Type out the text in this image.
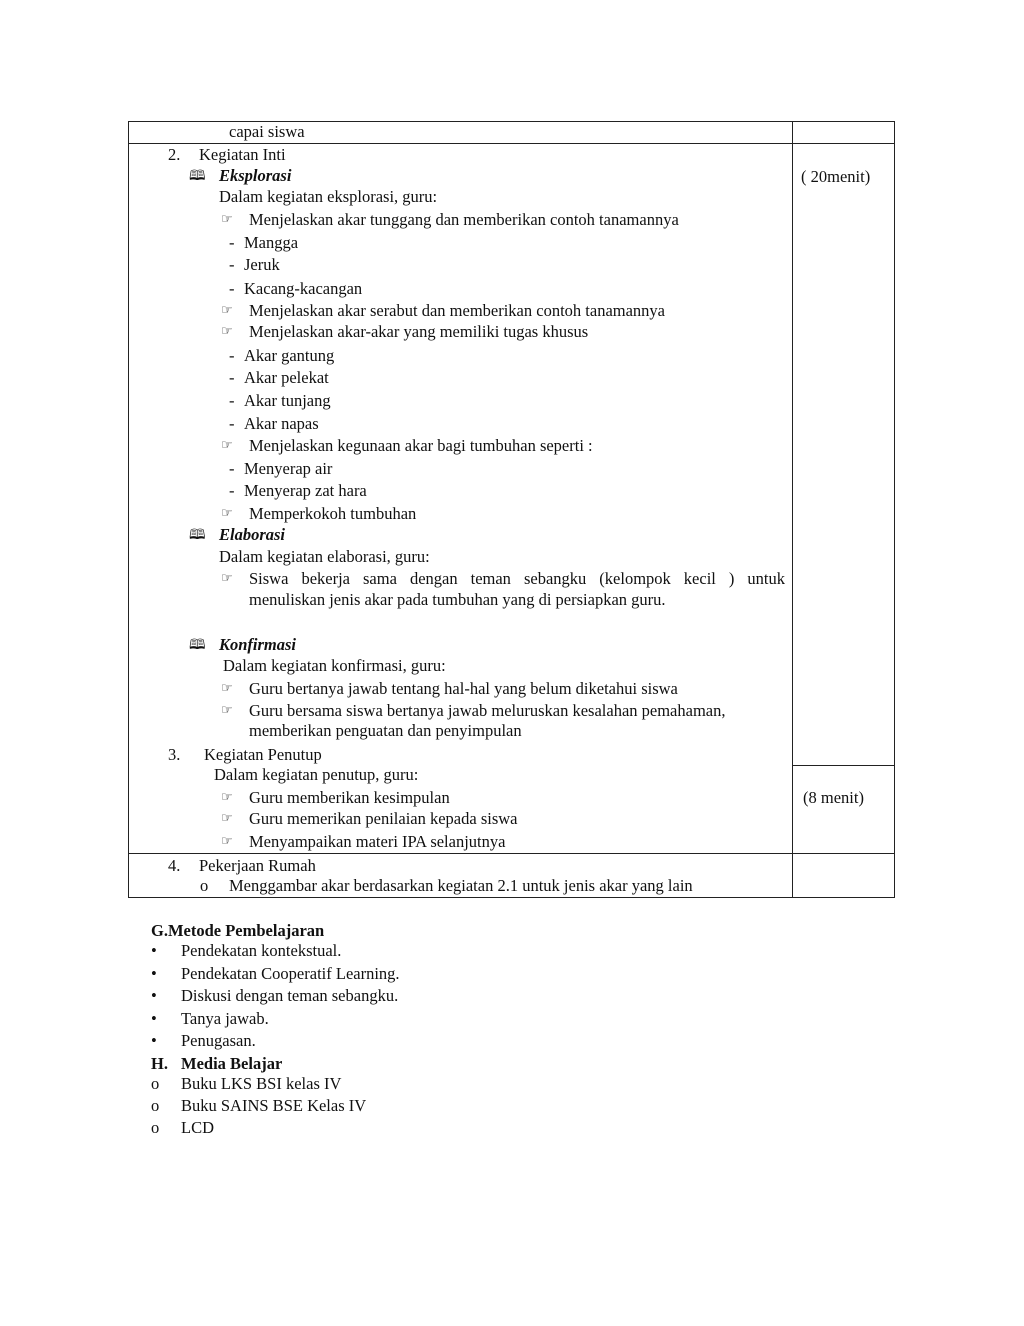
capai siswa
2. Kegiatan Inti
🕮 Eksplorasi	( 20menit)
Dalam kegiatan eksplorasi, guru:
☞ Menjelaskan akar tunggang dan memberikan contoh tanamannya
- Mangga
- Jeruk
- Kacang-kacangan
☞ Menjelaskan akar serabut dan memberikan contoh tanamannya
☞ Menjelaskan akar-akar yang memiliki tugas khusus
- Akar gantung
- Akar pelekat
- Akar tunjang
- Akar napas
☞ Menjelaskan kegunaan akar bagi tumbuhan seperti :
- Menyerap air
- Menyerap zat hara
☞ Memperkokoh tumbuhan
🕮 Elaborasi
Dalam kegiatan elaborasi, guru:
☞ Siswa bekerja sama dengan teman sebangku (kelompok kecil ) untuk
menuliskan jenis akar pada tumbuhan yang di persiapkan guru.
🕮 Konfirmasi
Dalam kegiatan konfirmasi, guru:
☞ Guru bertanya jawab tentang hal-hal yang belum diketahui siswa
☞ Guru bersama siswa bertanya jawab meluruskan kesalahan pemahaman,
memberikan penguatan dan penyimpulan
3. Kegiatan Penutup
Dalam kegiatan penutup, guru:
(8 menit)
☞ Guru memberikan kesimpulan
☞ Guru memerikan penilaian kepada siswa
☞ Menyampaikan materi IPA selanjutnya
4. Pekerjaan Rumah
o Menggambar akar berdasarkan kegiatan 2.1 untuk jenis akar yang lain
G.Metode Pembelajaran
• Pendekatan kontekstual.
• Pendekatan Cooperatif Learning.
• Diskusi dengan teman sebangku.
• Tanya jawab.
• Penugasan.
H. Media Belajar
o Buku LKS BSI kelas IV
o Buku SAINS BSE Kelas IV
o LCD
